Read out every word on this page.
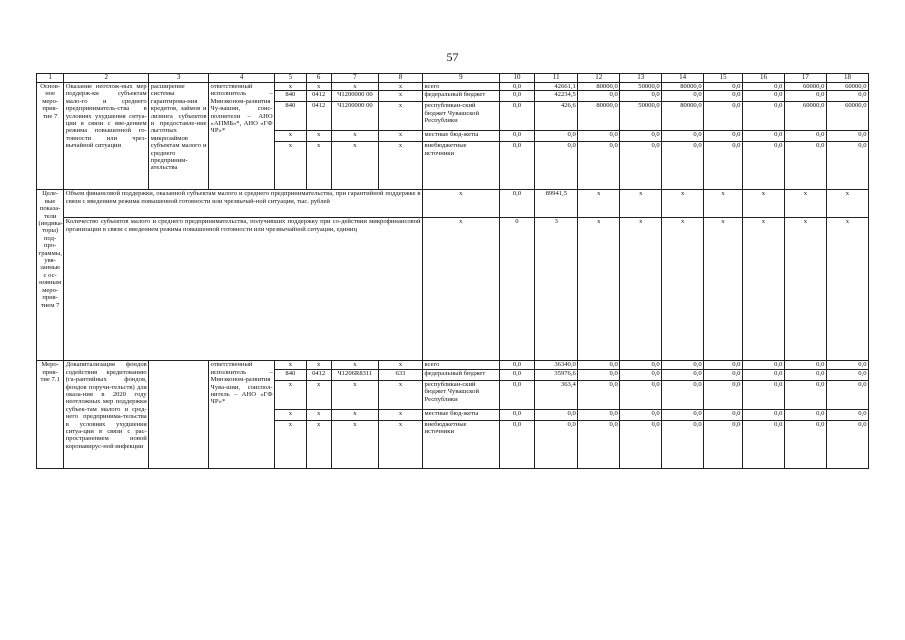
57
1	2	3	4	5	6	7	8	9	10	11	12	13	14	15	16	17	18
Основ-ное меро-прия-тие 7	Оказание неотлож-ных мер поддерж-ки субъектам мало-го и среднего предприниматель-ства в условиях ухудшения ситуа-ции в связи с вве-дением режима повышенной го-товности или чрез-вычайной ситуации	расширение системы гарантирова-ния кредитов, займов и лизинга субъектов и предоставле-ние льготных микрозаймов субъектам малого и среднего предприним-ательства	ответственный исполнитель – Минэконом-развития Чу-вашии, соис-полнители – АНО «АПМБ»*, АНО «ГФ ЧР»*	х	х	х	х	всего	0,0	42661,1	80000,0	50000,0	80000,0	0,0	0,0	60000,0	60000,0
				840	0412	Ч1200000 00	х	федеральный бюджет	0,0	42234,5	0,0	0,0	0,0	0,0	0,0	0,0	0,0
				840	0412	Ч1200000 00	х	республикан-ский бюджет Чувашской Республики	0,0	426,6	80000,0	50000,0	80000,0	0,0	0,0	60000,0	60000,0
				х	х	х	х	местные бюд-жеты	0,0	0,0	0,0	0,0	0,0	0,0	0,0	0,0	0,0
				х	х	х	х	внебюджетные источники	0,0	0,0	0,0	0,0	0,0	0,0	0,0	0,0	0,0
Целе-вые показа-тели (индика-торы) под-про-граммы, увя-занные с ос-новным меро-прия-тием 7	Объем финансовой поддержки, оказанной субъектам малого и среднего предпринимательства, при гарантийной поддержке в связи с введением режима повышенной готовности или чрезвычай-ной ситуации, тыс. рублей							х	0,0	89941,5	х	х	х	х	х	х	х
	Количество субъектов малого и среднего предпринимательства, получивших поддержку при со-действии микрофинансовой организации в связи с введением режима повышенной готовности или чрезвычайной ситуации, единиц							х	0	3	х	х	х	х	х	х	х
Меро-прия-тие 7.1	Докапитализация фондов содействия кредитованию (га-рантийных фондов, фондов поручи-тельств) для оказа-ния в 2020 году неотложных мер поддержки субъек-там малого и сред-него предпринима-тельства в условиях ухудшения ситуа-ции в связи с рас-пространением новой коронавирус-ной инфекции		ответственный исполнитель – Минэконом-развития Чува-шии, соиспол-нитель – АНО «ГФ ЧР»*	х	х	х	х	всего	0,0	36340,0	0,0	0,0	0,0	0,0	0,0	0,0	0,0
				840	0412	Ч1206R8311	633	федеральный бюджет	0,0	35976,6	0,0	0,0	0,0	0,0	0,0	0,0	0,0
				х	х	х	х	республикан-ский бюджет Чувашской Республики	0,0	363,4	0,0	0,0	0,0	0,0	0,0	0,0	0,0
				х	х	х	х	местные бюд-жеты	0,0	0,0	0,0	0,0	0,0	0,0	0,0	0,0	0,0
				х	х	х	х	внебюджетные источники	0,0	0,0	0,0	0,0	0,0	0,0	0,0	0,0	0,0
